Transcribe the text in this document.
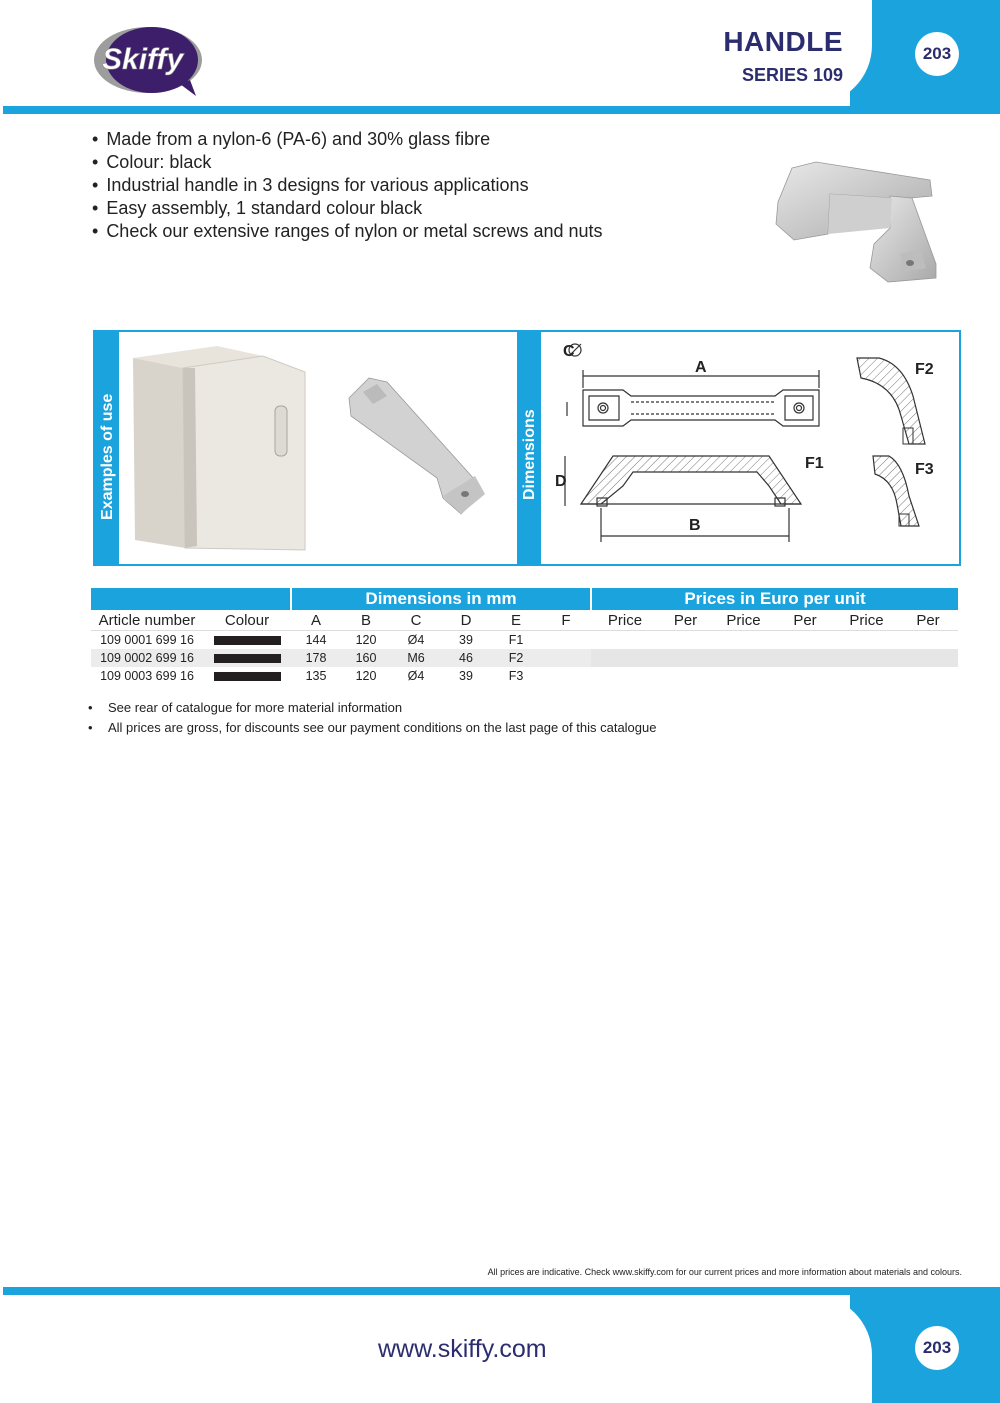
Skiffy
HANDLE
SERIES 109
203
• Made from a nylon-6 (PA-6) and 30% glass fibre
• Colour: black
• Industrial handle in 3 designs for various applications
• Easy assembly, 1 standard colour black
• Check our extensive ranges of nylon or metal screws and nuts
Examples of use	Dimensions
C
A
D
F1
B
F2
F3
		Dimensions in mm						Prices in Euro per unit					
Article number	Colour	A	B	C	D	E	F	Price	Per	Price	Per	Price	Per
109 0001 699 16		144	120	Ø4	39	F1							
109 0002 699 16		178	160	M6	46	F2							
109 0003 699 16		135	120	Ø4	39	F3							
• See rear of catalogue for more material information
• All prices are gross, for discounts see our payment conditions on the last page of this catalogue
All prices are indicative. Check www.skiffy.com for our current prices and more information about materials and colours.
www.skiffy.com	203
